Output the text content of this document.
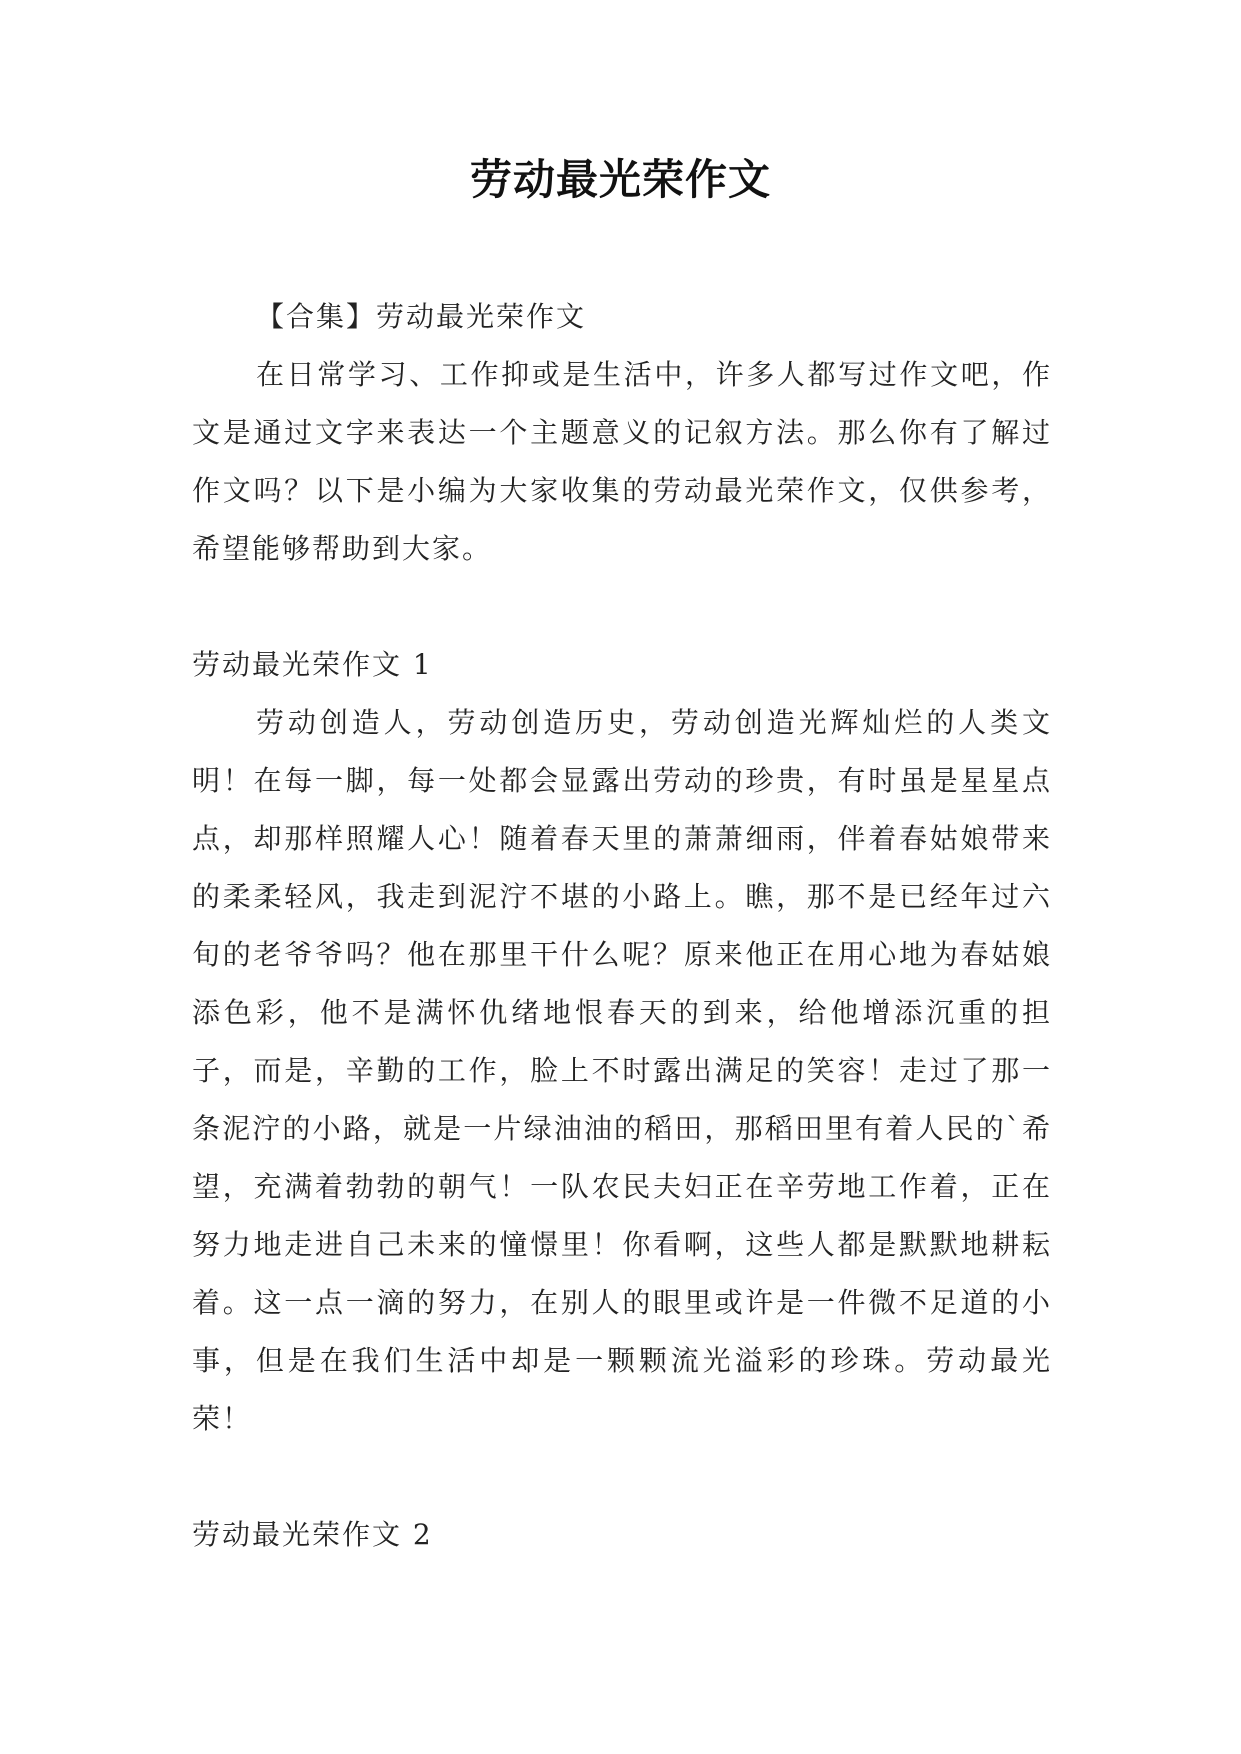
劳动最光荣作文

【合集】劳动最光荣作文

在日常学习、工作抑或是生活中，许多人都写过作文吧，作文是通过文字来表达一个主题意义的记叙方法。那么你有了解过作文吗？以下是小编为大家收集的劳动最光荣作文，仅供参考，希望能够帮助到大家。

劳动最光荣作文 1

劳动创造人，劳动创造历史，劳动创造光辉灿烂的人类文明！在每一脚，每一处都会显露出劳动的珍贵，有时虽是星星点点，却那样照耀人心！随着春天里的萧萧细雨，伴着春姑娘带来的柔柔轻风，我走到泥泞不堪的小路上。瞧，那不是已经年过六旬的老爷爷吗？他在那里干什么呢？原来他正在用心地为春姑娘添色彩，他不是满怀仇绪地恨春天的到来，给他增添沉重的担子，而是，辛勤的工作，脸上不时露出满足的笑容！走过了那一条泥泞的小路，就是一片绿油油的稻田，那稻田里有着人民的`希望，充满着勃勃的朝气！一队农民夫妇正在辛劳地工作着，正在努力地走进自己未来的憧憬里！你看啊，这些人都是默默地耕耘着。这一点一滴的努力，在别人的眼里或许是一件微不足道的小事，但是在我们生活中却是一颗颗流光溢彩的珍珠。劳动最光荣！

劳动最光荣作文 2
